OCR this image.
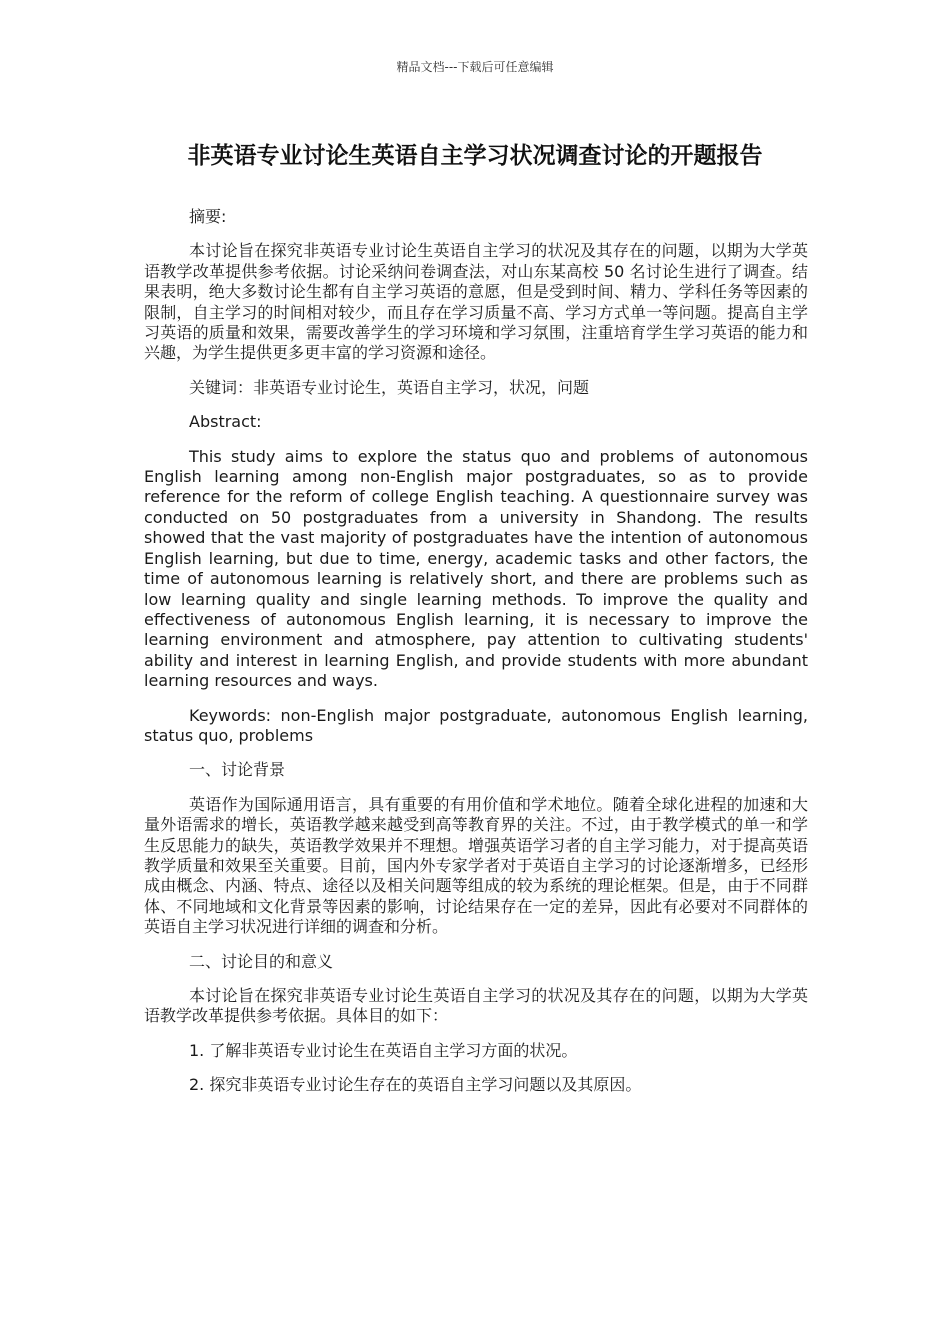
精品文档---下载后可任意编辑
非英语专业讨论生英语自主学习状况调查讨论的开题报告

摘要:

本讨论旨在探究非英语专业讨论生英语自主学习的状况及其存在的问题，以期为大学英语教学改革提供参考依据。讨论采纳问卷调查法，对山东某高校 50 名讨论生进行了调查。结果表明，绝大多数讨论生都有自主学习英语的意愿，但是受到时间、精力、学科任务等因素的限制，自主学习的时间相对较少，而且存在学习质量不高、学习方式单一等问题。提高自主学习英语的质量和效果，需要改善学生的学习环境和学习氛围，注重培育学生学习英语的能力和兴趣，为学生提供更多更丰富的学习资源和途径。

关键词：非英语专业讨论生，英语自主学习，状况，问题

Abstract:

This study aims to explore the status quo and problems of autonomous English learning among non-English major postgraduates, so as to provide reference for the reform of college English teaching. A questionnaire survey was conducted on 50 postgraduates from a university in Shandong. The results showed that the vast majority of postgraduates have the intention of autonomous English learning, but due to time, energy, academic tasks and other factors, the time of autonomous learning is relatively short, and there are problems such as low learning quality and single learning methods. To improve the quality and effectiveness of autonomous English learning, it is necessary to improve the learning environment and atmosphere, pay attention to cultivating students' ability and interest in learning English, and provide students with more abundant learning resources and ways.

Keywords: non-English major postgraduate, autonomous English learning, status quo, problems

一、讨论背景

英语作为国际通用语言，具有重要的有用价值和学术地位。随着全球化进程的加速和大量外语需求的增长，英语教学越来越受到高等教育界的关注。不过，由于教学模式的单一和学生反思能力的缺失，英语教学效果并不理想。增强英语学习者的自主学习能力，对于提高英语教学质量和效果至关重要。目前，国内外专家学者对于英语自主学习的讨论逐渐增多，已经形成由概念、内涵、特点、途径以及相关问题等组成的较为系统的理论框架。但是，由于不同群体、不同地域和文化背景等因素的影响，讨论结果存在一定的差异，因此有必要对不同群体的英语自主学习状况进行详细的调查和分析。

二、讨论目的和意义

本讨论旨在探究非英语专业讨论生英语自主学习的状况及其存在的问题，以期为大学英语教学改革提供参考依据。具体目的如下：

1. 了解非英语专业讨论生在英语自主学习方面的状况。

2. 探究非英语专业讨论生存在的英语自主学习问题以及其原因。
